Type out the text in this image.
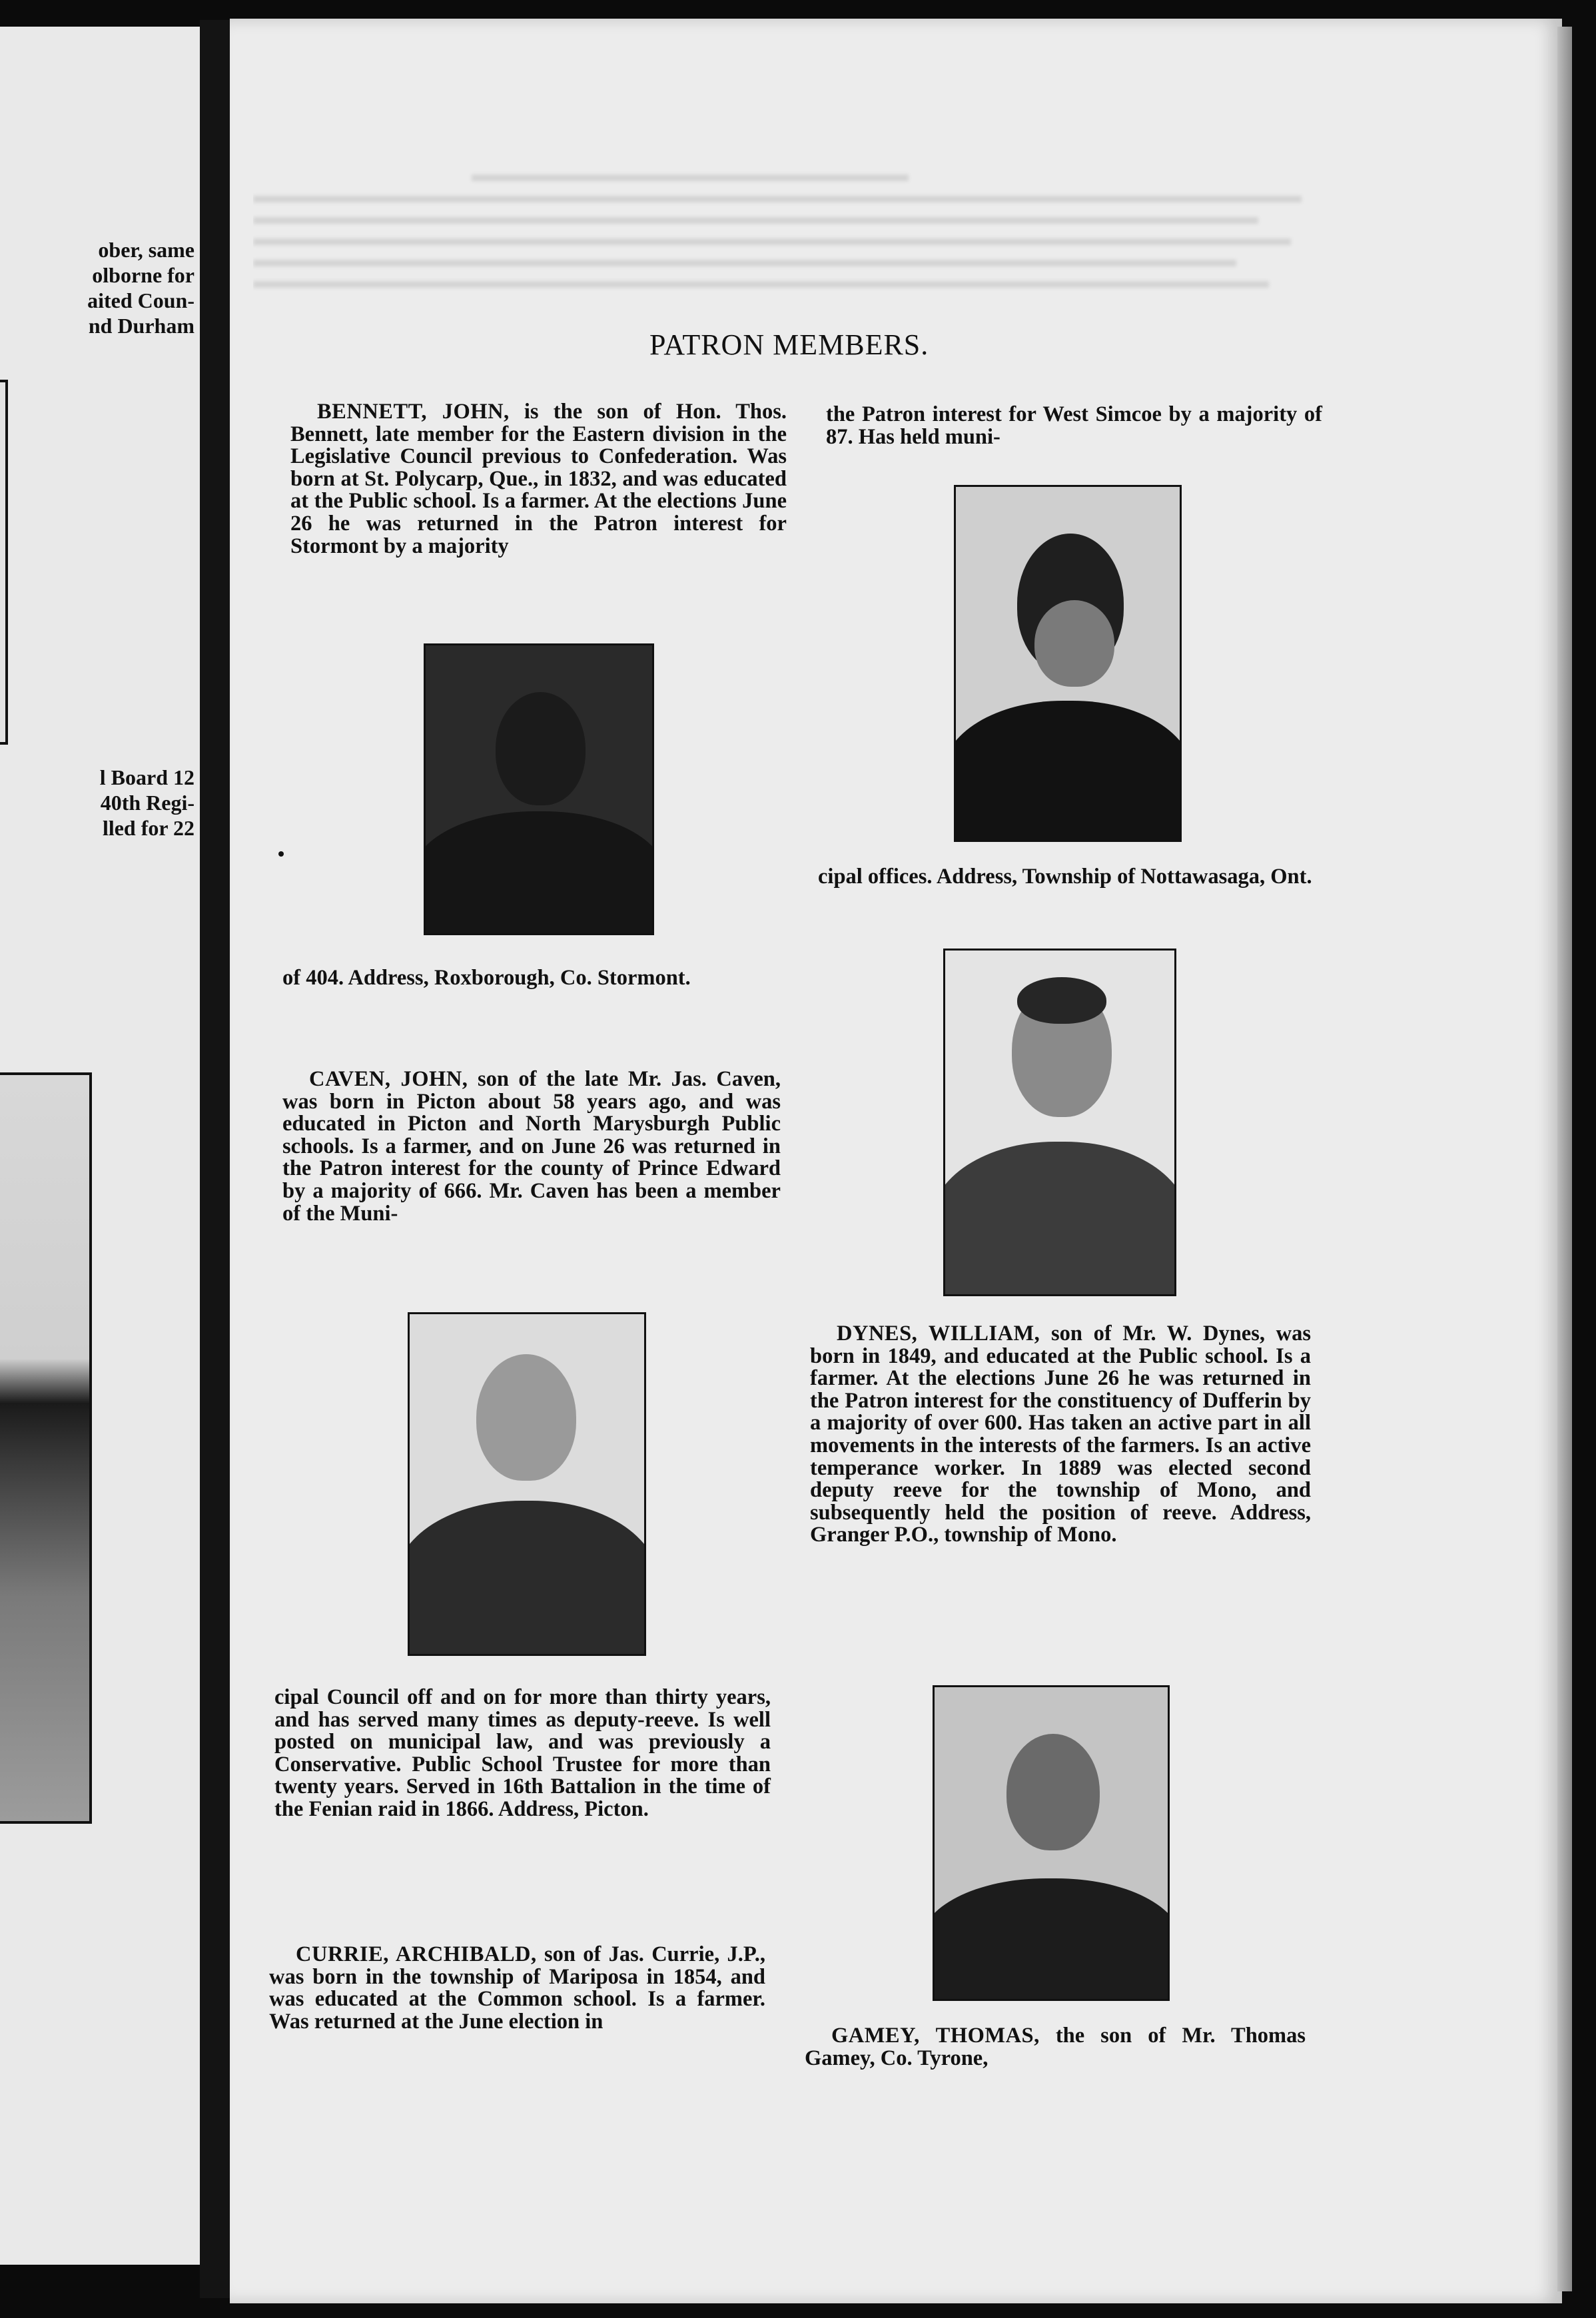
ober, same
olborne for
aited Coun-
nd Durham
l Board 12
40th Regi-
lled for 22
PATRON MEMBERS.
BENNETT, JOHN, is the son of Hon. Thos. Bennett, late member for the Eastern division in the Legislative Council previous to Confederation. Was born at St. Polycarp, Que., in 1832, and was educated at the Public school. Is a farmer. At the elections June 26 he was returned in the Patron interest for Stormont by a majority
of 404. Address, Roxborough, Co. Stormont.
CAVEN, JOHN, son of the late Mr. Jas. Caven, was born in Picton about 58 years ago, and was educated in Picton and North Marysburgh Public schools. Is a farmer, and on June 26 was returned in the Patron interest for the county of Prince Edward by a majority of 666. Mr. Caven has been a member of the Muni-
cipal Council off and on for more than thirty years, and has served many times as deputy-reeve. Is well posted on municipal law, and was previously a Conservative. Public School Trustee for more than twenty years. Served in 16th Battalion in the time of the Fenian raid in 1866. Address, Picton.
CURRIE, ARCHIBALD, son of Jas. Currie, J.P., was born in the township of Mariposa in 1854, and was educated at the Common school. Is a farmer. Was returned at the June election in
the Patron interest for West Simcoe by a majority of 87. Has held muni-
cipal offices. Address, Township of Nottawasaga, Ont.
DYNES, WILLIAM, son of Mr. W. Dynes, was born in 1849, and educated at the Public school. Is a farmer. At the elections June 26 he was returned in the Patron interest for the constituency of Dufferin by a majority of over 600. Has taken an active part in all movements in the interests of the farmers. Is an active temperance worker. In 1889 was elected second deputy reeve for the township of Mono, and subsequently held the position of reeve. Address, Granger P.O., township of Mono.
GAMEY, THOMAS, the son of Mr. Thomas Gamey, Co. Tyrone,
